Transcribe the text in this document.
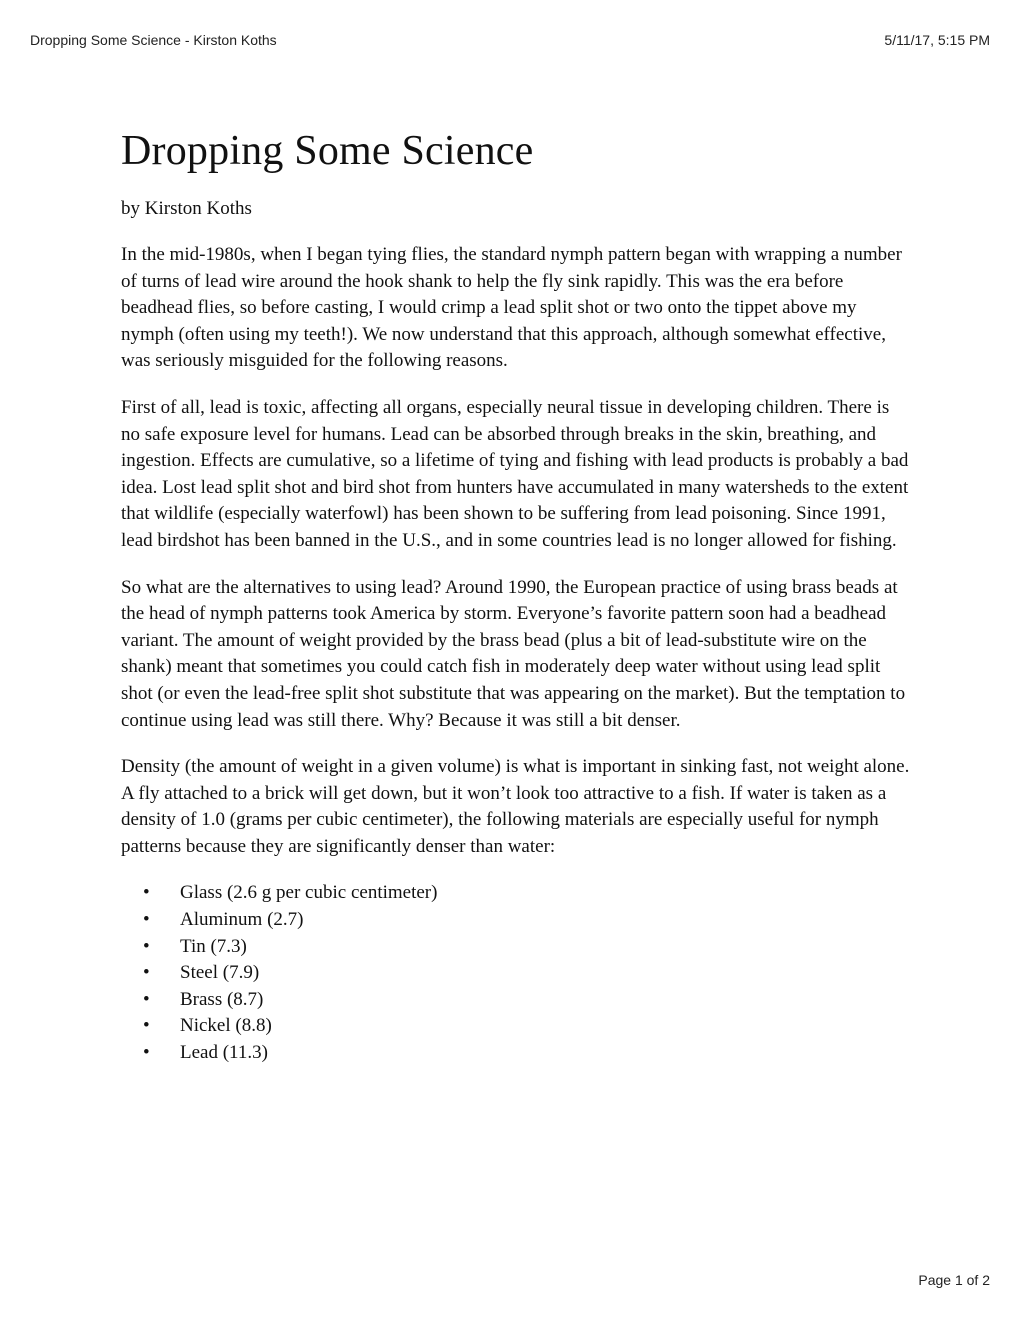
Dropping Some Science - Kirston Koths	5/11/17, 5:15 PM
Dropping Some Science
by Kirston Koths

In the mid-1980s, when I began tying flies, the standard nymph pattern began with wrapping a number of turns of lead wire around the hook shank to help the fly sink rapidly. This was the era before beadhead flies, so before casting, I would crimp a lead split shot or two onto the tippet above my nymph (often using my teeth!). We now understand that this approach, although somewhat effective, was seriously misguided for the following reasons.

First of all, lead is toxic, affecting all organs, especially neural tissue in developing children. There is no safe exposure level for humans. Lead can be absorbed through breaks in the skin, breathing, and ingestion. Effects are cumulative, so a lifetime of tying and fishing with lead products is probably a bad idea. Lost lead split shot and bird shot from hunters have accumulated in many watersheds to the extent that wildlife (especially waterfowl) has been shown to be suffering from lead poisoning. Since 1991, lead birdshot has been banned in the U.S., and in some countries lead is no longer allowed for fishing.

So what are the alternatives to using lead? Around 1990, the European practice of using brass beads at the head of nymph patterns took America by storm. Everyone’s favorite pattern soon had a beadhead variant. The amount of weight provided by the brass bead (plus a bit of lead-substitute wire on the shank) meant that sometimes you could catch fish in moderately deep water without using lead split shot (or even the lead-free split shot substitute that was appearing on the market). But the temptation to continue using lead was still there. Why? Because it was still a bit denser.

Density (the amount of weight in a given volume) is what is important in sinking fast, not weight alone. A fly attached to a brick will get down, but it won’t look too attractive to a fish. If water is taken as a density of 1.0 (grams per cubic centimeter), the following materials are especially useful for nymph patterns because they are significantly denser than water:

• Glass (2.6 g per cubic centimeter)
• Aluminum (2.7)
• Tin (7.3)
• Steel (7.9)
• Brass (8.7)
• Nickel (8.8)
• Lead (11.3)
Page 1 of 2
